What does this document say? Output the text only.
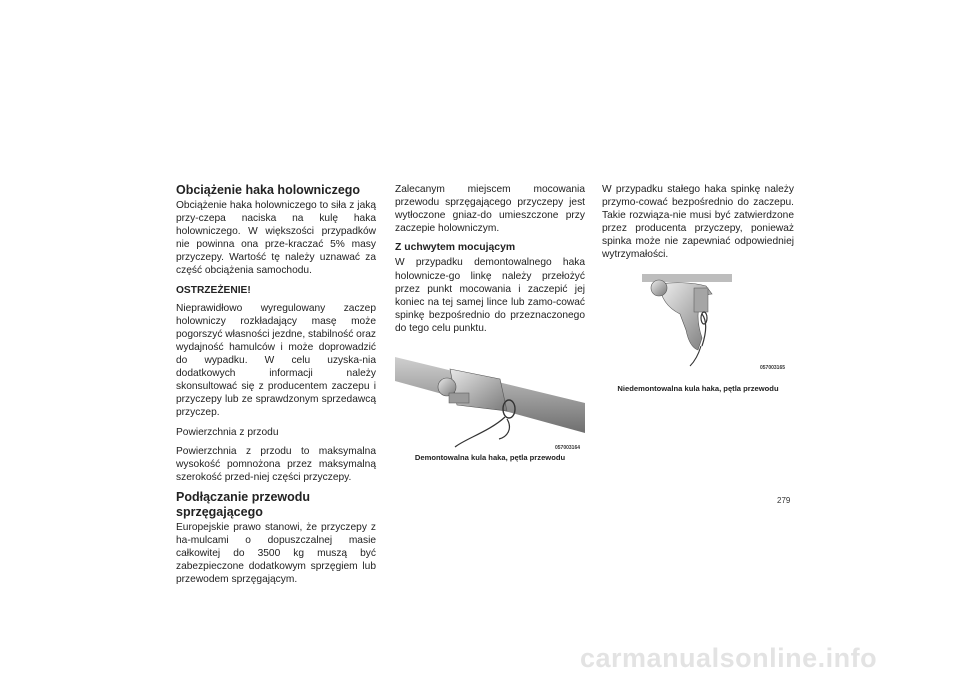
Obciążenie haka holowniczego

Obciążenie haka holowniczego to siła z jaką przy-czepa naciska na kulę haka holowniczego. W większości przypadków nie powinna ona prze-kraczać 5% masy przyczepy. Wartość tę należy uznawać za część obciążenia samochodu.

OSTRZEŻENIE!

Nieprawidłowo wyregulowany zaczep holowniczy rozkładający masę może pogorszyć własności jezdne, stabilność oraz wydajność hamulców i może doprowadzić do wypadku. W celu uzyska-nia dodatkowych informacji należy skonsultować się z producentem zaczepu i przyczepy lub ze sprawdzonym sprzedawcą przyczep.

Powierzchnia z przodu

Powierzchnia z przodu to maksymalna wysokość pomnożona przez maksymalną szerokość przed-niej części przyczepy.

Podłączanie przewodu sprzęgającego

Europejskie prawo stanowi, że przyczepy z ha-mulcami o dopuszczalnej masie całkowitej do 3500 kg muszą być zabezpieczone dodatkowym sprzęgiem lub przewodem sprzęgającym.

Zalecanym miejscem mocowania przewodu sprzęgającego przyczepy jest wytłoczone gniaz-do umieszczone przy zaczepie holowniczym.

Z uchwytem mocującym

W przypadku demontowalnego haka holownicze-go linkę należy przełożyć przez punkt mocowania i zaczepić jej koniec na tej samej lince lub zamo-cować spinkę bezpośrednio do przeznaczonego do tego celu punktu.

057003164
Demontowalna kula haka, pętla przewodu

W przypadku stałego haka spinkę należy przymo-cować bezpośrednio do zaczepu. Takie rozwiąza-nie musi być zatwierdzone przez producenta przyczepy, ponieważ spinka może nie zapewniać odpowiedniej wytrzymałości.

057003165
Niedemontowalna kula haka, pętla przewodu
279
carmanualsonline.info
